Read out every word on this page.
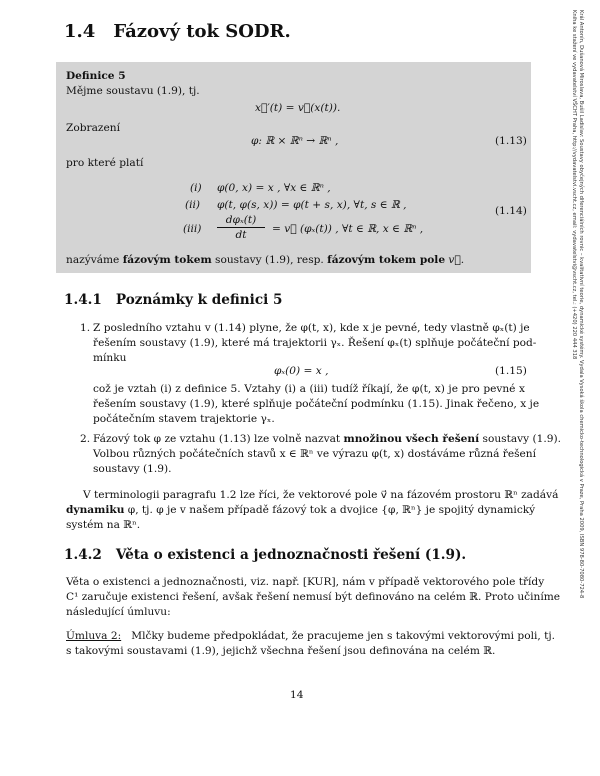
1.4 Fázový tok SODR.
Definice 5
Mějme soustavu (1.9), tj.
x⃗′(t) = v⃗(x(t)).
Zobrazení
φ: ℝ × ℝⁿ → ℝⁿ ,	(1.13)
pro které platí
(i) φ(0, x) = x , ∀x ∈ ℝⁿ ,
(ii) φ(t, φ(s, x)) = φ(t + s, x), ∀t, s ∈ ℝ ,	(1.14)
(iii)
dφₓ(t)
dt	= v⃗ (φₓ(t)) , ∀t ∈ ℝ, x ∈ ℝⁿ ,
nazýváme fázovým tokem soustavy (1.9), resp. fázovým tokem pole v⃗.
1.4.1 Poznámky k definici 5
1. Z posledního vztahu v (1.14) plyne, že φ(t, x), kde x je pevné, tedy vlastně φₓ(t) je
řešením soustavy (1.9), které má trajektorii γₓ. Řešení φₓ(t) splňuje počáteční pod-
mínku
φₓ(0) = x ,	(1.15)
což je vztah (i) z definice 5. Vztahy (i) a (iii) tudíž říkají, že φ(t, x) je pro pevné x
řešením soustavy (1.9), které splňuje počáteční podmínku (1.15). Jinak řečeno, x je
počátečním stavem trajektorie γₓ.
2. Fázový tok φ ze vztahu (1.13) lze volně nazvat množinou všech řešení soustavy (1.9).
Volbou různých počátečních stavů x ∈ ℝⁿ ve výrazu φ(t, x) dostáváme různá řešení
soustavy (1.9).
V terminologii paragrafu 1.2 lze říci, že vektorové pole v⃗ na fázovém prostoru ℝⁿ zadává
dynamiku φ, tj. φ je v našem případě fázový tok a dvojice {φ, ℝⁿ} je spojitý dynamický
systém na ℝⁿ.
1.4.2 Věta o existenci a jednoznačnosti řešení (1.9).
Věta o existenci a jednoznačnosti, viz. např. [KUR], nám v případě vektorového pole třídy
C¹ zaručuje existenci řešení, avšak řešení nemusí být definováno na celém ℝ. Proto učiníme
následující úmluvu:
Úmluva 2: Mlčky budeme předpokládat, že pracujeme jen s takovými vektorovými poli, tj.
s takovými soustavami (1.9), jejichž všechna řešení jsou definována na celém ℝ.
14
Král Antonín, Dušanová Miroslava, Bušil Ladislav: Soustavy obyčejných diferenciálních rovnic – kvalitativní teorie, dynamické systémy. Vydala Vysoká škola chemicko-technologická v Praze, Praha 2009, ISBN 978-80-7080-724-8
Kniha ke stažení ve vydavatelství VŠCHT Praha, http://vydavatelstvi.vscht.cz, email: vydavatelstvi@vscht.cz, tel.: (+420) 220 444 318
